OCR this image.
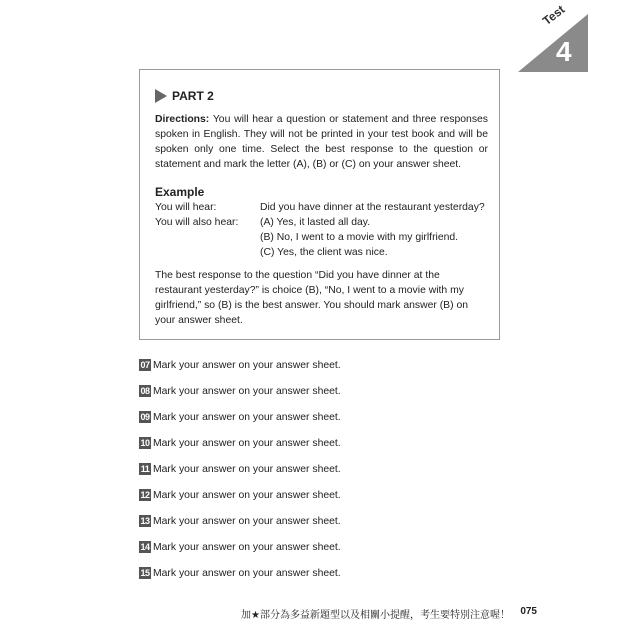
Test
4
PART 2
Directions: You will hear a question or statement and three responses spoken in English. They will not be printed in your test book and will be spoken only one time. Select the best response to the question or statement and mark the letter (A), (B) or (C) on your answer sheet.
Example
You will hear:	Did you have dinner at the restaurant yesterday?
You will also hear: (A) Yes, it lasted all day.
(B) No, I went to a movie with my girlfriend.
(C) Yes, the client was nice.
The best response to the question “Did you have dinner at the restaurant yesterday?” is choice (B), “No, I went to a movie with my girlfriend,” so (B) is the best answer. You should mark answer (B) on your answer sheet.
07 Mark your answer on your answer sheet.
08 Mark your answer on your answer sheet.
09 Mark your answer on your answer sheet.
10 Mark your answer on your answer sheet.
11 Mark your answer on your answer sheet.
12 Mark your answer on your answer sheet.
13 Mark your answer on your answer sheet.
14 Mark your answer on your answer sheet.
15 Mark your answer on your answer sheet.
加★部分為多益新題型以及相關小提醒，考生要特別注意喔！ 075
